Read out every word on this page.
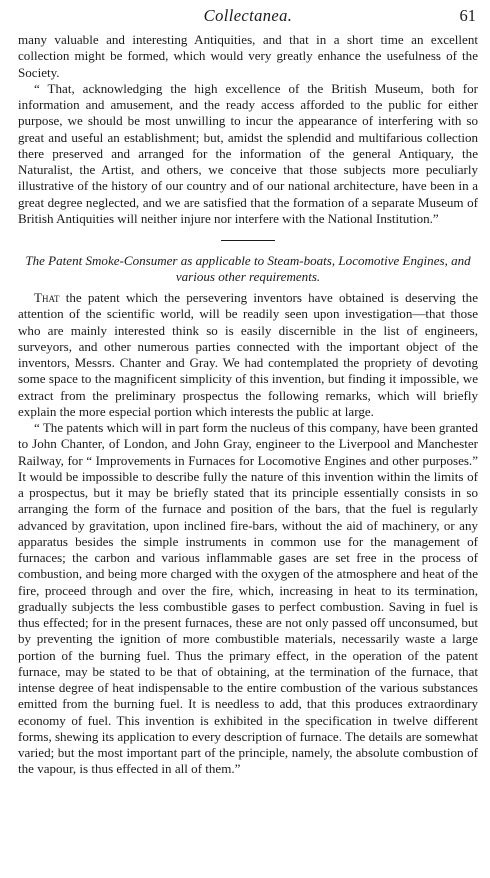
Collectanea.	61

many valuable and interesting Antiquities, and that in a short time an excellent collection might be formed, which would very greatly enhance the usefulness of the Society.

“ That, acknowledging the high excellence of the British Museum, both for information and amusement, and the ready access afforded to the public for either purpose, we should be most unwilling to incur the appearance of interfering with so great and useful an establishment; but, amidst the splendid and multifarious collection there preserved and arranged for the information of the general Antiquary, the Naturalist, the Artist, and others, we conceive that those subjects more peculiarly illustrative of the history of our country and of our national architecture, have been in a great degree neglected, and we are satisfied that the formation of a separate Museum of British Antiquities will neither injure nor interfere with the National Institution.”

The Patent Smoke-Consumer as applicable to Steam-boats, Locomotive Engines, and various other requirements.

That the patent which the persevering inventors have obtained is deserving the attention of the scientific world, will be readily seen upon investigation—that those who are mainly interested think so is easily discernible in the list of engineers, surveyors, and other numerous parties connected with the important object of the inventors, Messrs. Chanter and Gray. We had contemplated the propriety of devoting some space to the magnificent simplicity of this invention, but finding it impossible, we extract from the preliminary prospectus the following remarks, which will briefly explain the more especial portion which interests the public at large.

“ The patents which will in part form the nucleus of this company, have been granted to John Chanter, of London, and John Gray, engineer to the Liverpool and Manchester Railway, for “ Improvements in Furnaces for Locomotive Engines and other purposes.” It would be impossible to describe fully the nature of this invention within the limits of a prospectus, but it may be briefly stated that its principle essentially consists in so arranging the form of the furnace and position of the bars, that the fuel is regularly advanced by gravitation, upon inclined fire-bars, without the aid of machinery, or any apparatus besides the simple instruments in common use for the management of furnaces; the carbon and various inflammable gases are set free in the process of combustion, and being more charged with the oxygen of the atmosphere and heat of the fire, proceed through and over the fire, which, increasing in heat to its termination, gradually subjects the less combustible gases to perfect combustion. Saving in fuel is thus effected; for in the present furnaces, these are not only passed off unconsumed, but by preventing the ignition of more combustible materials, necessarily waste a large portion of the burning fuel. Thus the primary effect, in the operation of the patent furnace, may be stated to be that of obtaining, at the termination of the furnace, that intense degree of heat indispensable to the entire combustion of the various substances emitted from the burning fuel. It is needless to add, that this produces extraordinary economy of fuel. This invention is exhibited in the specification in twelve different forms, shewing its application to every description of furnace. The details are somewhat varied; but the most important part of the principle, namely, the absolute combustion of the vapour, is thus effected in all of them.”
